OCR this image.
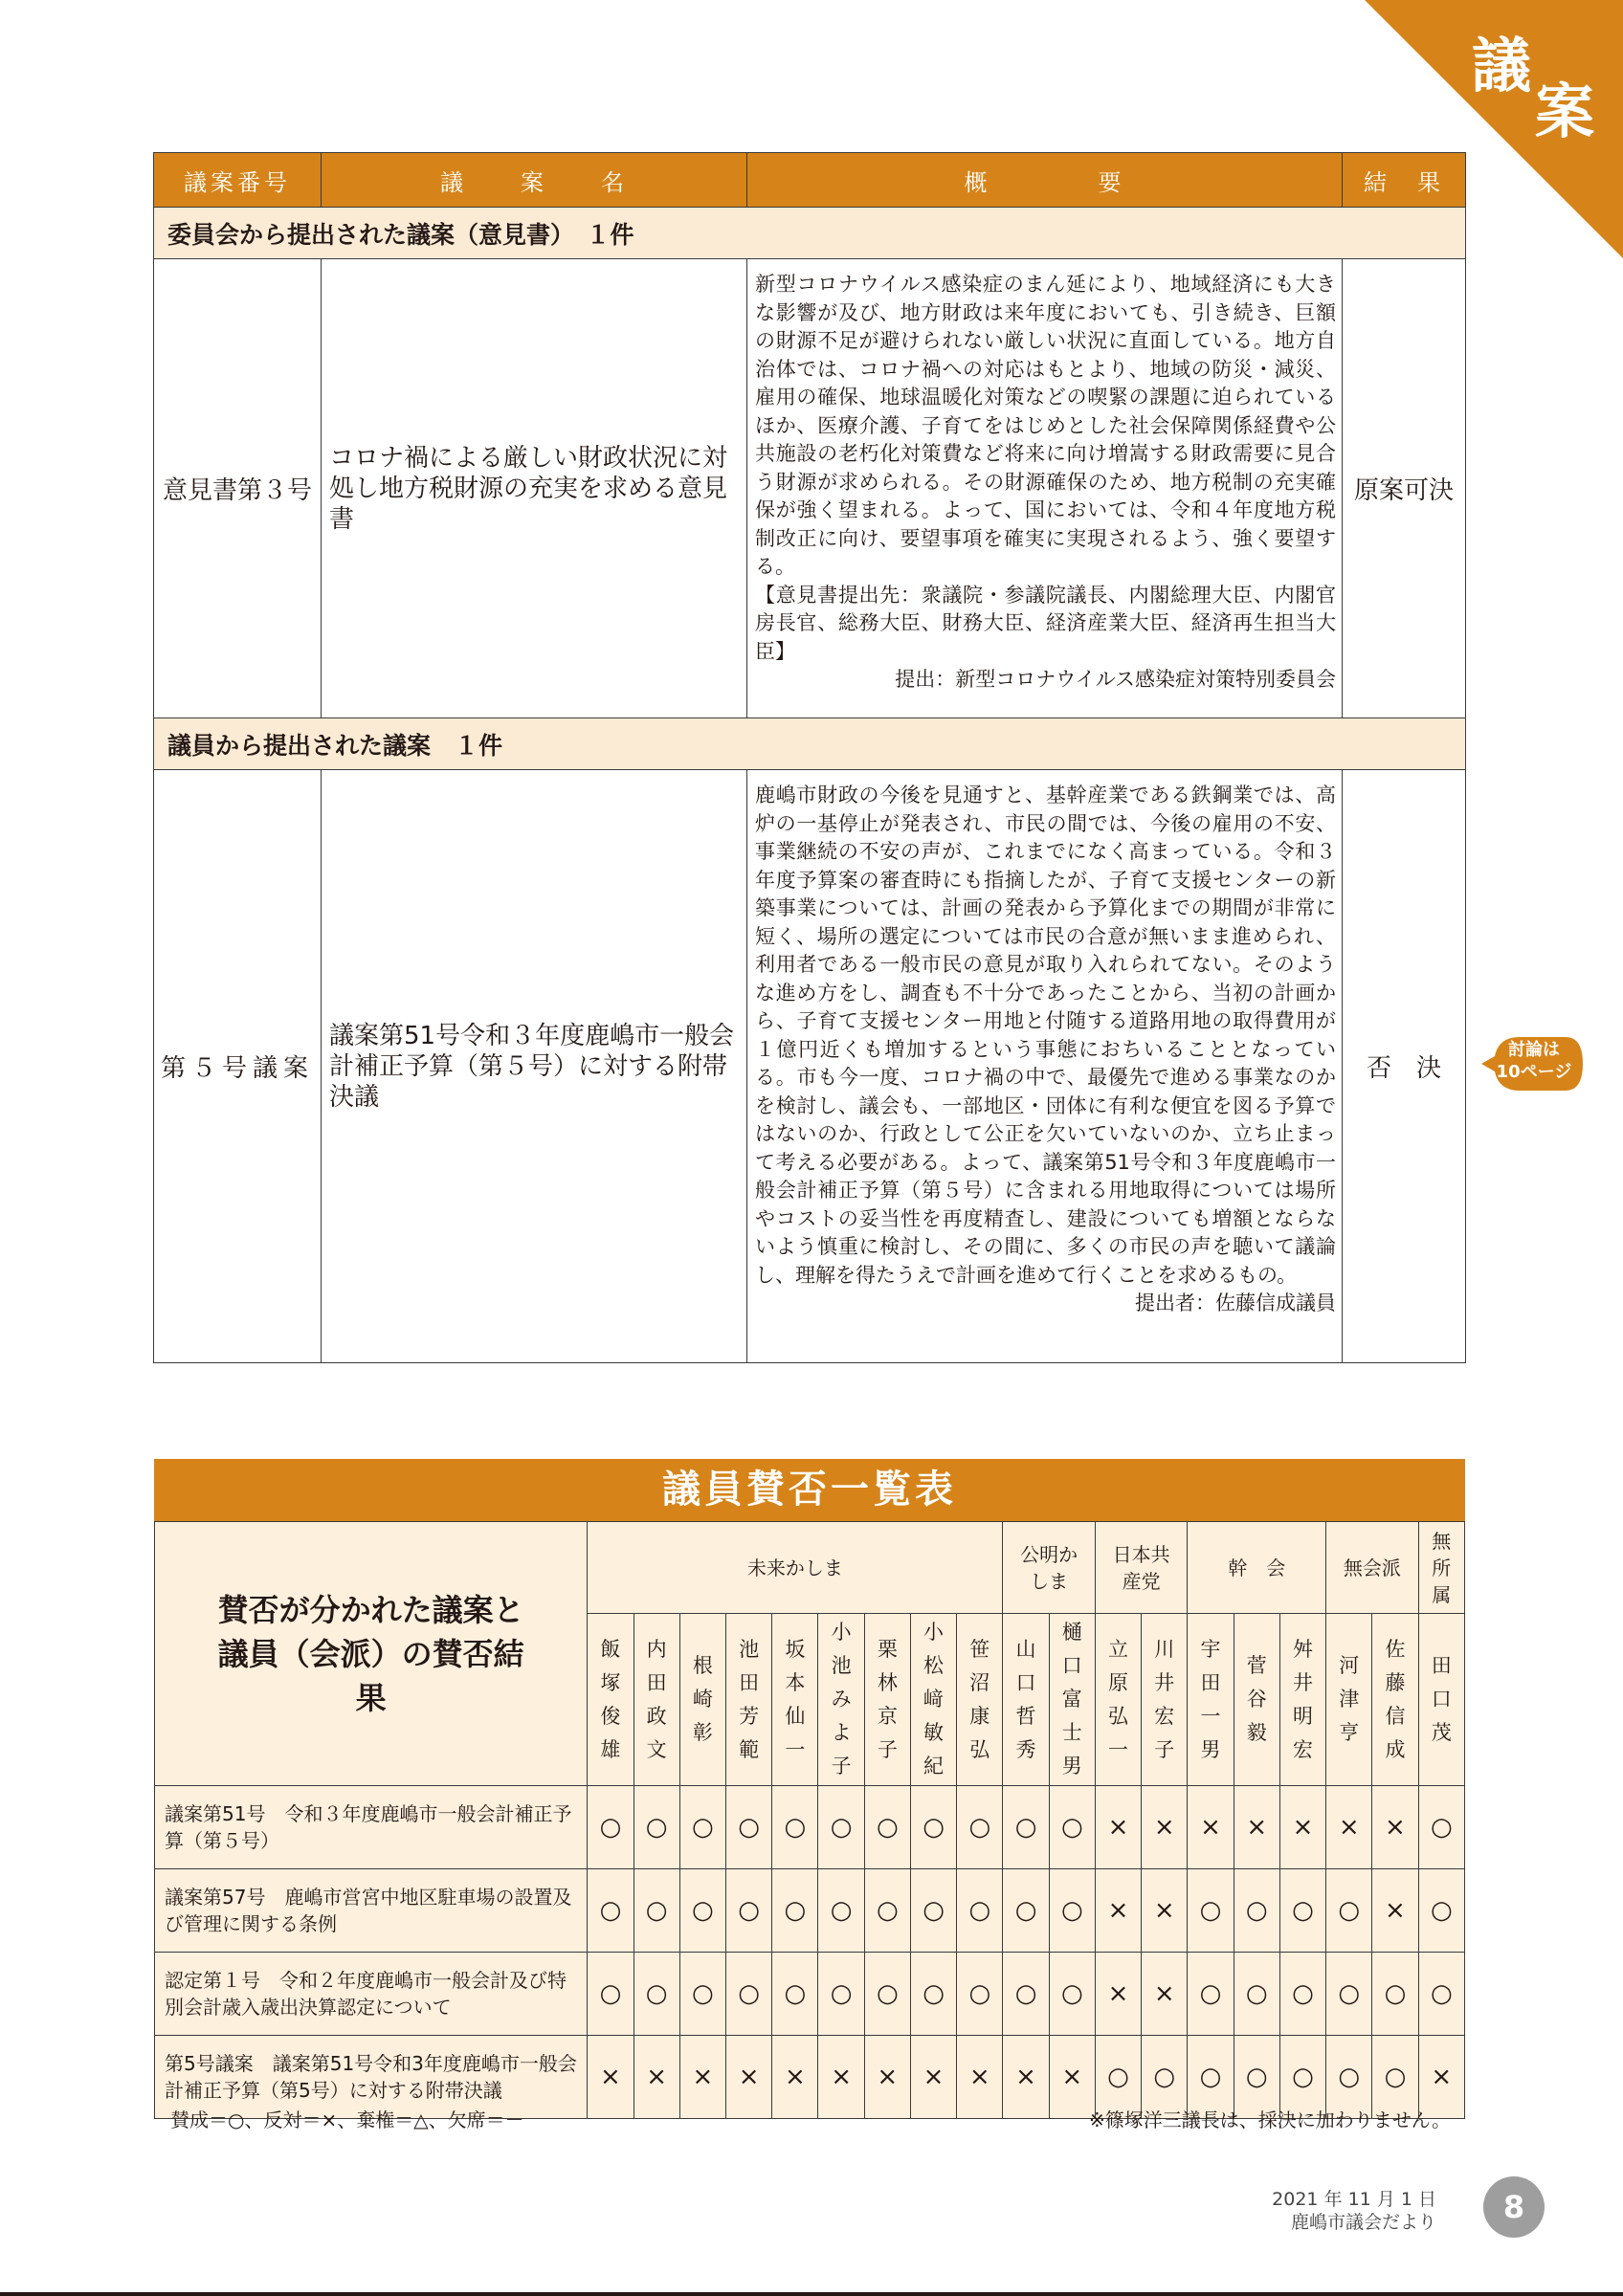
議
案
議案番号	議　　案　　名	概　　　　要	結　果
委員会から提出された議案（意見書）　１件			
意見書第３号	コロナ禍による厳しい財政状況に対処し地方税財源の充実を求める意見書	新型コロナウイルス感染症のまん延により、地域経済にも大きな影響が及び、地方財政は来年度においても、引き続き、巨額の財源不足が避けられない厳しい状況に直面している。地方自治体では、コロナ禍への対応はもとより、地域の防災・減災、雇用の確保、地球温暖化対策などの喫緊の課題に迫られているほか、医療介護、子育てをはじめとした社会保障関係経費や公共施設の老朽化対策費など将来に向け増嵩する財政需要に見合う財源が求められる。その財源確保のため、地方税制の充実確保が強く望まれる。よって、国においては、令和４年度地方税制改正に向け、要望事項を確実に実現されるよう、強く要望する。
【意見書提出先：衆議院・参議院議長、内閣総理大臣、内閣官房長官、総務大臣、財務大臣、経済産業大臣、経済再生担当大臣】
提出：新型コロナウイルス感染症対策特別委員会	原案可決
議員から提出された議案　１件			
第５号議案	議案第51号令和３年度鹿嶋市一般会計補正予算（第５号）に対する附帯決議	鹿嶋市財政の今後を見通すと、基幹産業である鉄鋼業では、高炉の一基停止が発表され、市民の間では、今後の雇用の不安、事業継続の不安の声が、これまでになく高まっている。令和３年度予算案の審査時にも指摘したが、子育て支援センターの新築事業については、計画の発表から予算化までの期間が非常に短く、場所の選定については市民の合意が無いまま進められ、利用者である一般市民の意見が取り入れられてない。そのような進め方をし、調査も不十分であったことから、当初の計画から、子育て支援センター用地と付随する道路用地の取得費用が１億円近くも増加するという事態におちいることとなっている。市も今一度、コロナ禍の中で、最優先で進める事業なのかを検討し、議会も、一部地区・団体に有利な便宜を図る予算ではないのか、行政として公正を欠いていないのか、立ち止まって考える必要がある。よって、議案第51号令和３年度鹿嶋市一般会計補正予算（第５号）に含まれる用地取得については場所やコストの妥当性を再度精査し、建設についても増額とならないよう慎重に検討し、その間に、多くの市民の声を聴いて議論し、理解を得たうえで計画を進めて行くことを求めるもの。
提出者：佐藤信成議員	否　決
討論は
10ページ
議員賛否一覧表
賛否が分かれた議案と議員（会派）の賛否結果	未来かしま									公明かしま		日本共産党		幹　会			無会派		無所属

	飯塚俊雄	内田政文	根崎彰	池田芳範	坂本仙一	小池みよ子	栗林京子	小松﨑敏紀	笹沼康弘	山口哲秀	樋口富士男	立原弘一	川井宏子	宇田一男	菅谷毅	舛井明宏	河津亨	佐藤信成	田口茂
議案第51号　令和３年度鹿嶋市一般会計補正予算（第５号）	○	○	○	○	○	○	○	○	○	○	○	×	×	×	×	×	×	×	○
議案第57号　鹿嶋市営宮中地区駐車場の設置及び管理に関する条例	○	○	○	○	○	○	○	○	○	○	○	×	×	○	○	○	○	×	○
認定第１号　令和２年度鹿嶋市一般会計及び特別会計歳入歳出決算認定について	○	○	○	○	○	○	○	○	○	○	○	×	×	○	○	○	○	○	○
第5号議案　議案第51号令和3年度鹿嶋市一般会計補正予算（第5号）に対する附帯決議	×	×	×	×	×	×	×	×	×	×	×	○	○	○	○	○	○	○	×
賛成＝○、反対＝×、棄権＝△、欠席＝－	※篠塚洋三議長は、採決に加わりません。
2021 年 11 月 1 日
鹿嶋市議会だより	8
